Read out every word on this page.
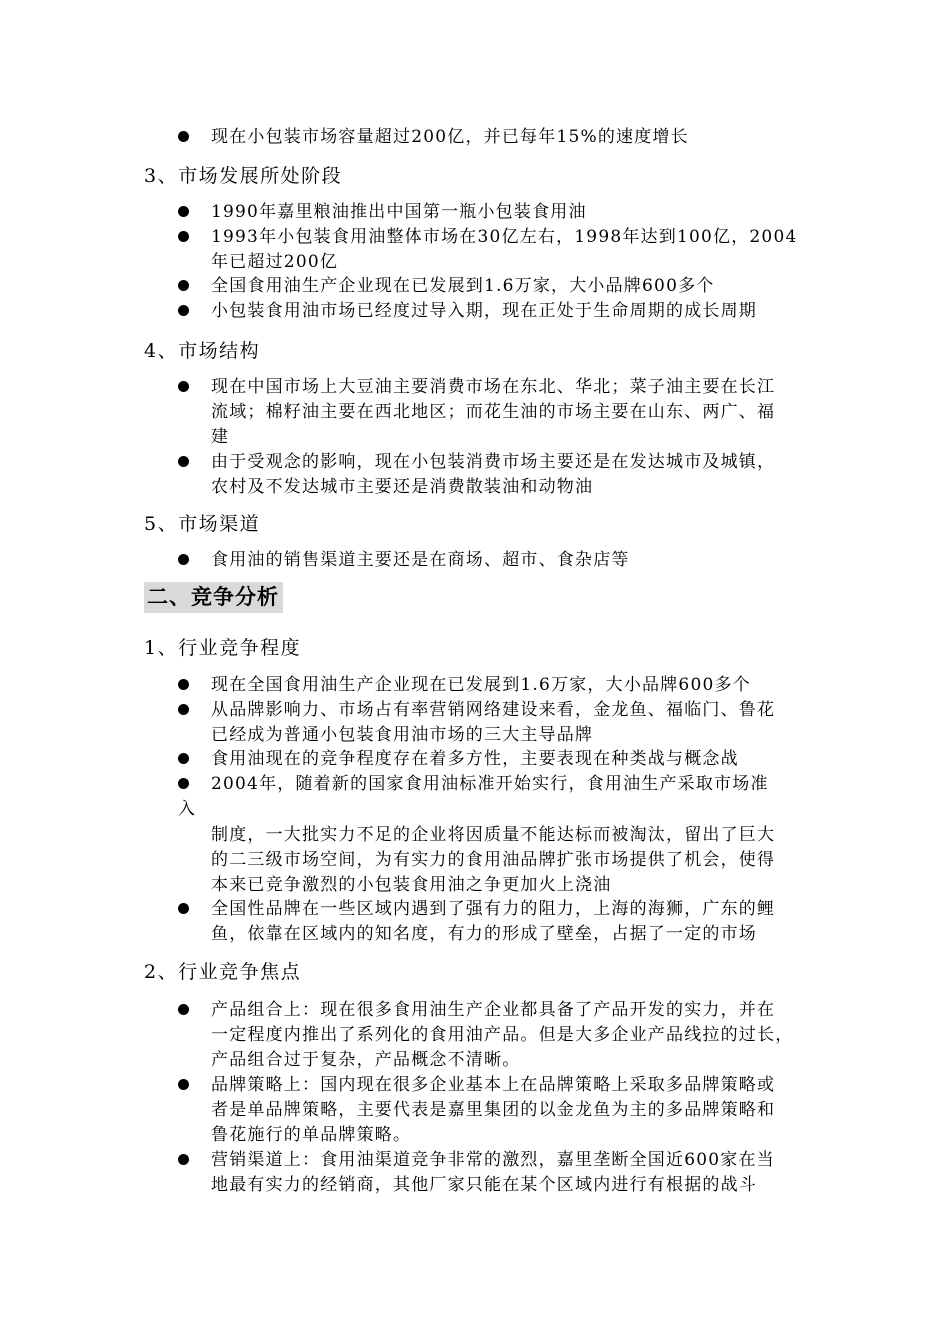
现在小包装市场容量超过200亿，并已每年15%的速度增长
3、市场发展所处阶段
1990年嘉里粮油推出中国第一瓶小包装食用油
1993年小包装食用油整体市场在30亿左右，1998年达到100亿，2004
年已超过200亿
全国食用油生产企业现在已发展到1.6万家，大小品牌600多个
小包装食用油市场已经度过导入期，现在正处于生命周期的成长周期
4、市场结构
现在中国市场上大豆油主要消费市场在东北、华北；菜子油主要在长江
流域；棉籽油主要在西北地区；而花生油的市场主要在山东、两广、福
建
由于受观念的影响，现在小包装消费市场主要还是在发达城市及城镇，
农村及不发达城市主要还是消费散装油和动物油
5、市场渠道
食用油的销售渠道主要还是在商场、超市、食杂店等
二、竞争分析
1、行业竞争程度
现在全国食用油生产企业现在已发展到1.6万家，大小品牌600多个
从品牌影响力、市场占有率营销网络建设来看，金龙鱼、福临门、鲁花
已经成为普通小包装食用油市场的三大主导品牌
食用油现在的竞争程度存在着多方性，主要表现在种类战与概念战
2004年，随着新的国家食用油标准开始实行，食用油生产采取市场准
入
制度，一大批实力不足的企业将因质量不能达标而被淘汰，留出了巨大
的二三级市场空间，为有实力的食用油品牌扩张市场提供了机会，使得
本来已竞争激烈的小包装食用油之争更加火上浇油
全国性品牌在一些区域内遇到了强有力的阻力，上海的海狮，广东的鲤
鱼，依靠在区域内的知名度，有力的形成了壁垒，占据了一定的市场
2、行业竞争焦点
产品组合上：现在很多食用油生产企业都具备了产品开发的实力，并在
一定程度内推出了系列化的食用油产品。但是大多企业产品线拉的过长，
产品组合过于复杂，产品概念不清晰。
品牌策略上：国内现在很多企业基本上在品牌策略上采取多品牌策略或
者是单品牌策略，主要代表是嘉里集团的以金龙鱼为主的多品牌策略和
鲁花施行的单品牌策略。
营销渠道上：食用油渠道竞争非常的激烈，嘉里垄断全国近600家在当
地最有实力的经销商，其他厂家只能在某个区域内进行有根据的战斗
